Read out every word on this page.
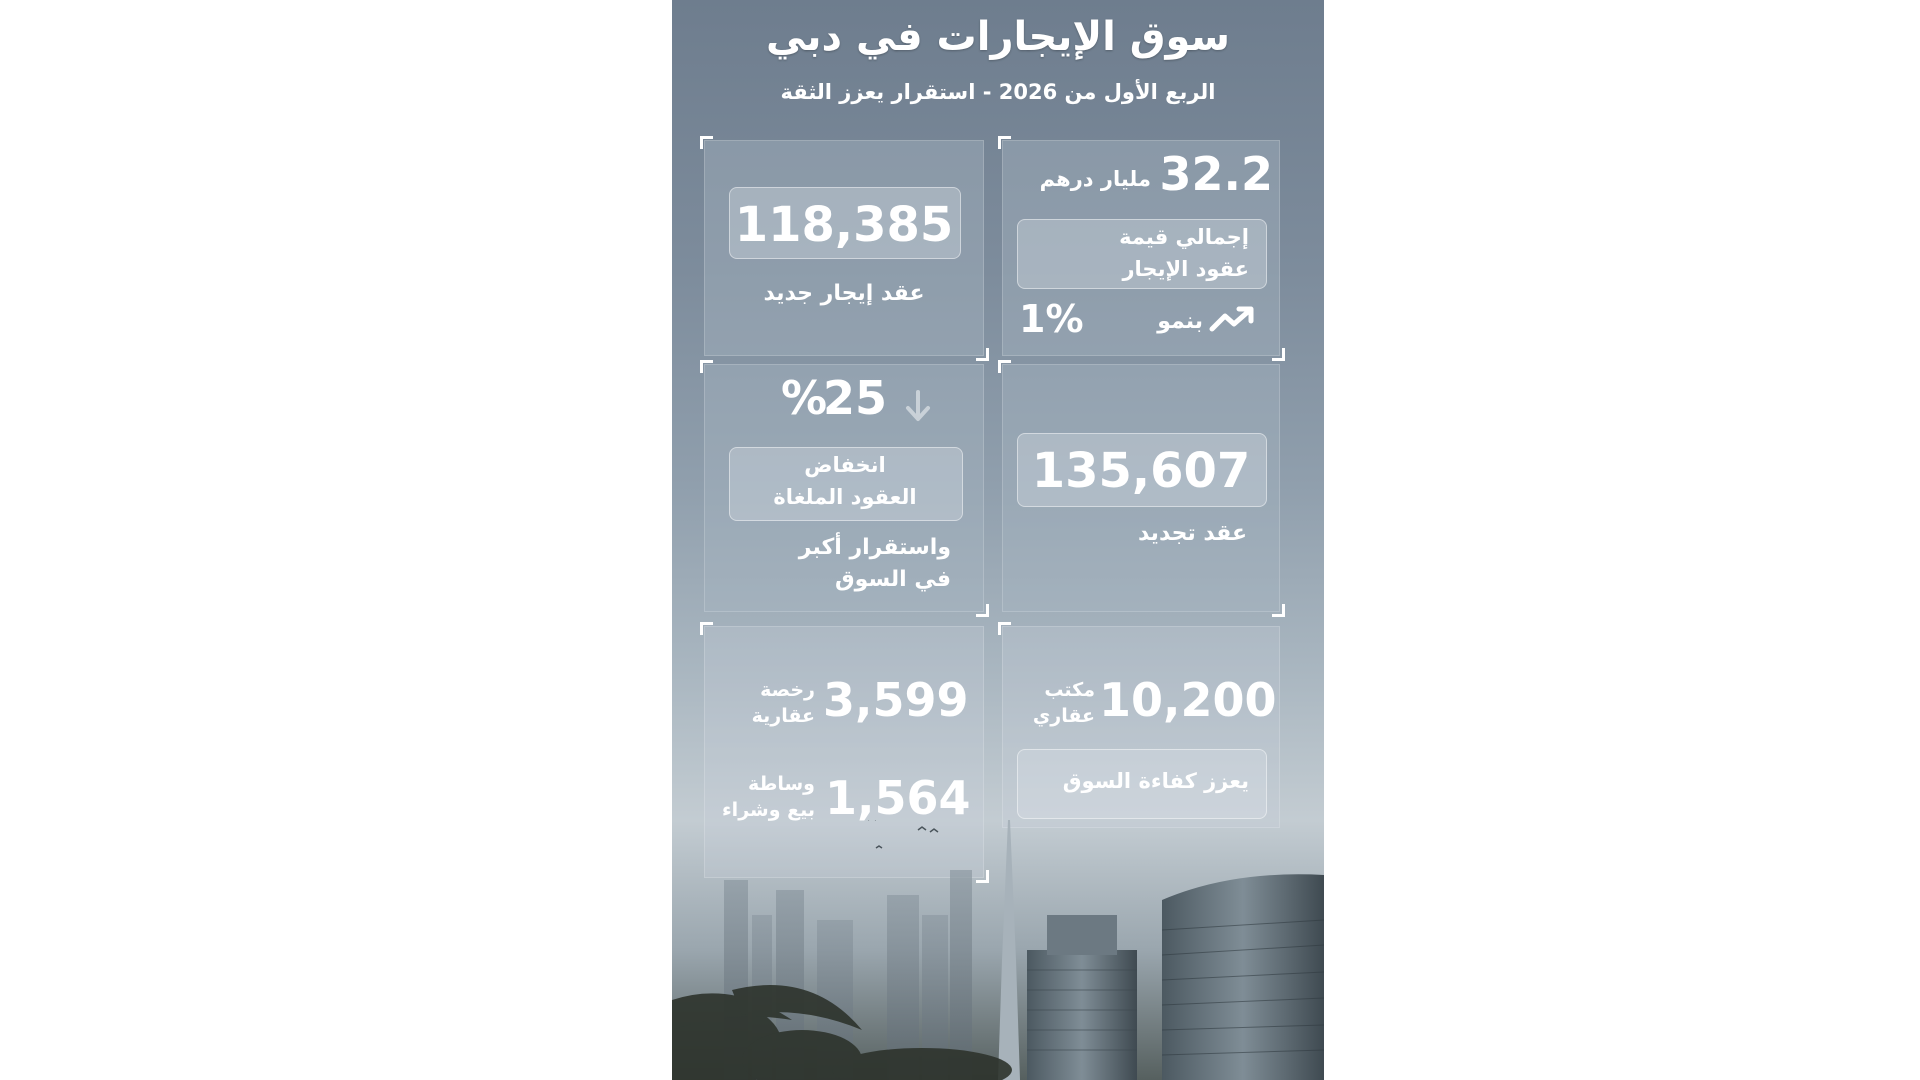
سوق الإيجارات في دبي
الربع الأول من 2026 - استقرار يعزز الثقة
118,385
عقد إيجار جديد
32.2
مليار درهم
إجمالي قيمة
عقود الإيجار
بنمو
1%
25
%
انخفاض
العقود الملغاة
واستقرار أكبر
في السوق
135,607
عقد تجديد
3,599
رخصة
عقارية
1,564
وساطة
بيع وشراء
10,200
مكتب
عقاري
يعزز كفاءة السوق
